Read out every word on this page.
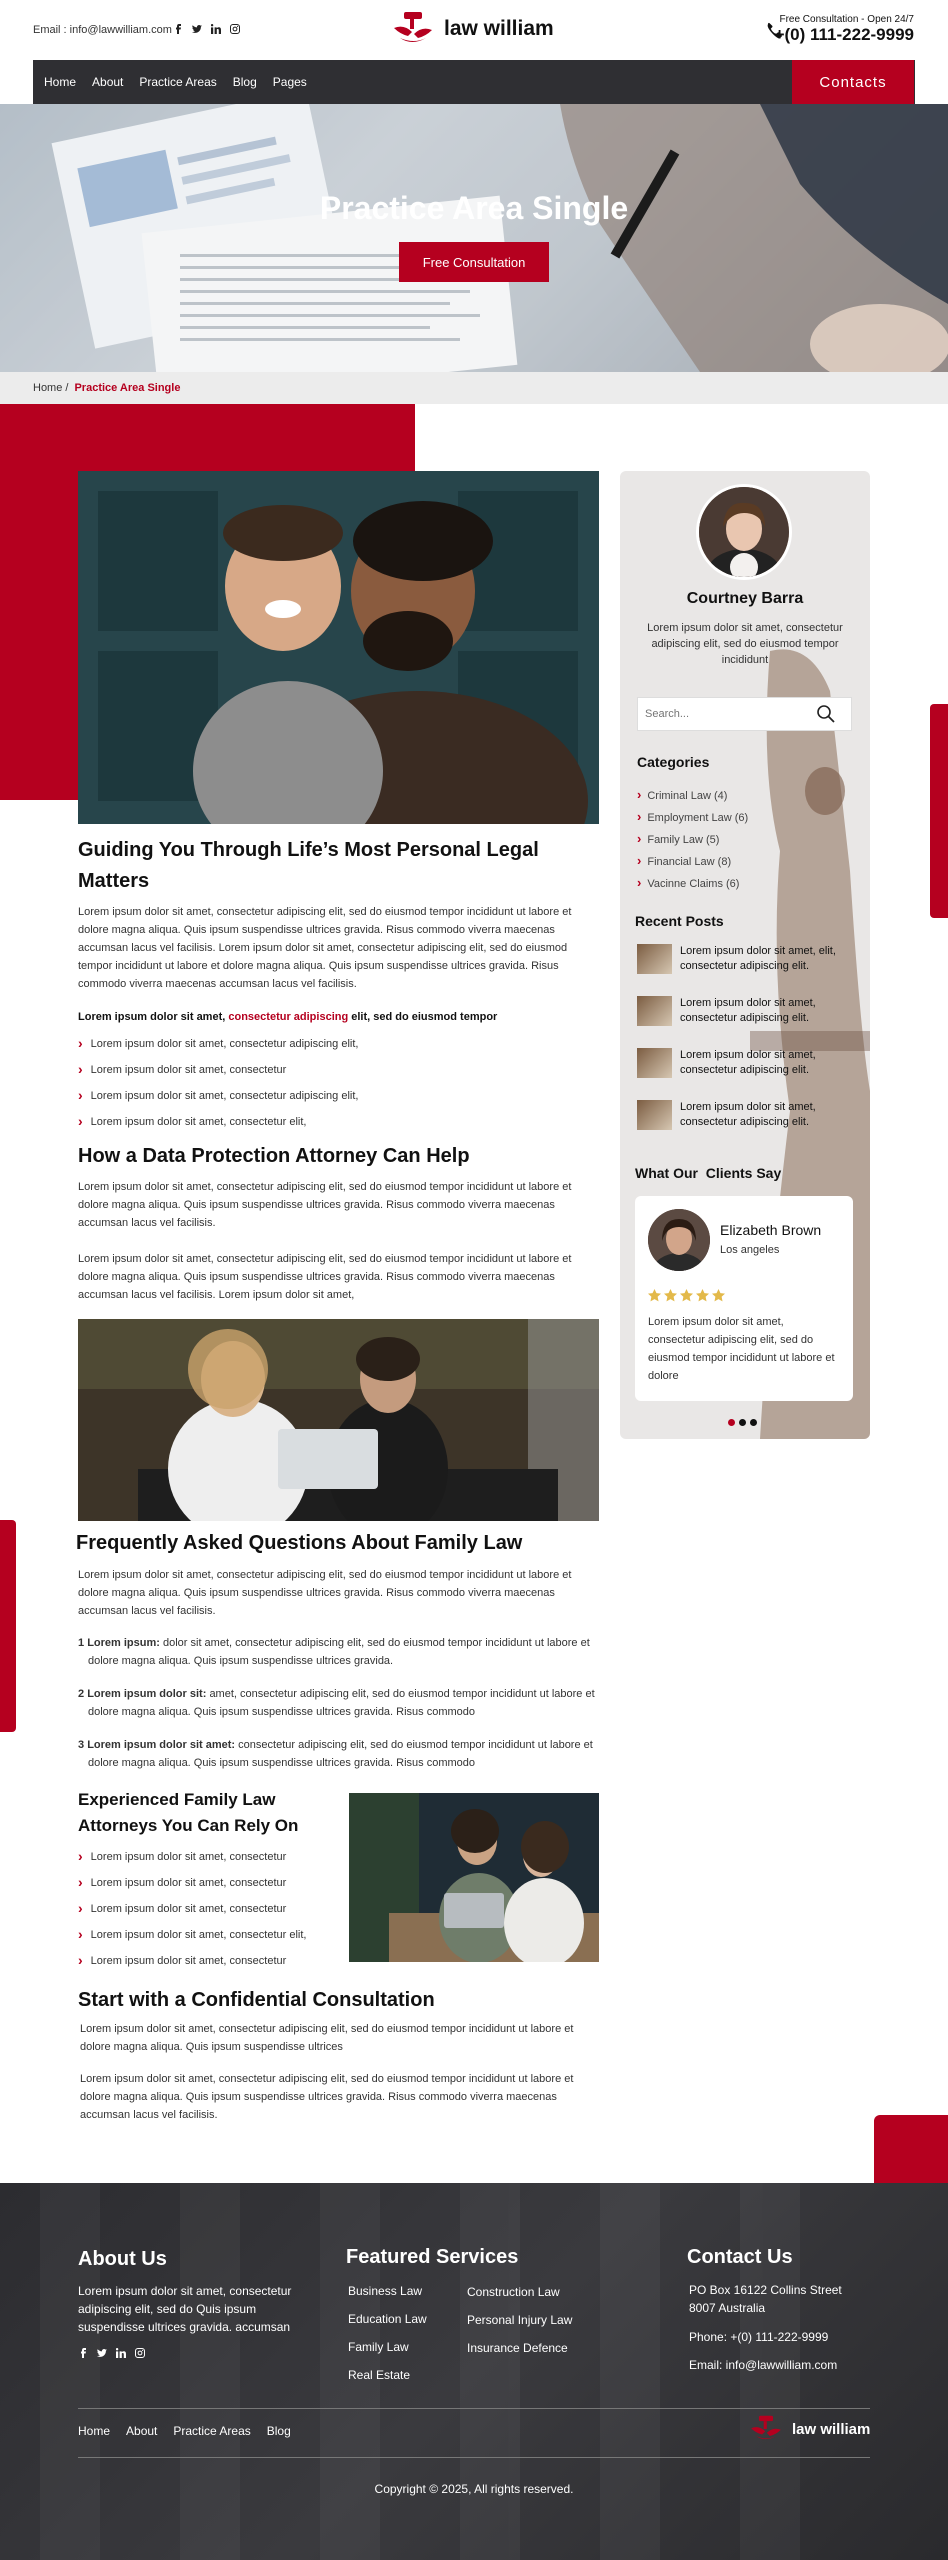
Email : info@lawwilliam.com	law william	Free Consultation - Open 24/7
+(0) 111-222-9999
Home About Practice Areas Blog Pages	Contacts
Practice Area Single
Free Consultation
Home / Practice Area Single
Guiding You Through Life’s Most Personal Legal Matters

Lorem ipsum dolor sit amet, consectetur adipiscing elit, sed do eiusmod tempor incididunt ut labore et dolore magna aliqua. Quis ipsum suspendisse ultrices gravida. Risus commodo viverra maecenas accumsan lacus vel facilisis. Lorem ipsum dolor sit amet, consectetur adipiscing elit, sed do eiusmod tempor incididunt ut labore et dolore magna aliqua. Quis ipsum suspendisse ultrices gravida. Risus commodo viverra maecenas accumsan lacus vel facilisis.

Lorem ipsum dolor sit amet, consectetur adipiscing elit, sed do eiusmod tempor

› Lorem ipsum dolor sit amet, consectetur adipiscing elit,
› Lorem ipsum dolor sit amet, consectetur
› Lorem ipsum dolor sit amet, consectetur adipiscing elit,
› Lorem ipsum dolor sit amet, consectetur elit,
How a Data Protection Attorney Can Help

Lorem ipsum dolor sit amet, consectetur adipiscing elit, sed do eiusmod tempor incididunt ut labore et dolore magna aliqua. Quis ipsum suspendisse ultrices gravida. Risus commodo viverra maecenas accumsan lacus vel facilisis.

Lorem ipsum dolor sit amet, consectetur adipiscing elit, sed do eiusmod tempor incididunt ut labore et dolore magna aliqua. Quis ipsum suspendisse ultrices gravida. Risus commodo viverra maecenas accumsan lacus vel facilisis. Lorem ipsum dolor sit amet,

Frequently Asked Questions About Family Law

Lorem ipsum dolor sit amet, consectetur adipiscing elit, sed do eiusmod tempor incididunt ut labore et dolore magna aliqua. Quis ipsum suspendisse ultrices gravida. Risus commodo viverra maecenas accumsan lacus vel facilisis.

1 Lorem ipsum: dolor sit amet, consectetur adipiscing elit, sed do eiusmod tempor incididunt ut labore et dolore magna aliqua. Quis ipsum suspendisse ultrices gravida.

2 Lorem ipsum dolor sit: amet, consectetur adipiscing elit, sed do eiusmod tempor incididunt ut labore et dolore magna aliqua. Quis ipsum suspendisse ultrices gravida. Risus commodo

3 Lorem ipsum dolor sit amet: consectetur adipiscing elit, sed do eiusmod tempor incididunt ut labore et dolore magna aliqua. Quis ipsum suspendisse ultrices gravida. Risus commodo

Experienced Family Law Attorneys You Can Rely On
› Lorem ipsum dolor sit amet, consectetur
› Lorem ipsum dolor sit amet, consectetur
› Lorem ipsum dolor sit amet, consectetur
› Lorem ipsum dolor sit amet, consectetur elit,
› Lorem ipsum dolor sit amet, consectetur
Start with a Confidential Consultation

Lorem ipsum dolor sit amet, consectetur adipiscing elit, sed do eiusmod tempor incididunt ut labore et dolore magna aliqua. Quis ipsum suspendisse ultrices

Lorem ipsum dolor sit amet, consectetur adipiscing elit, sed do eiusmod tempor incididunt ut labore et dolore magna aliqua. Quis ipsum suspendisse ultrices gravida. Risus commodo viverra maecenas accumsan lacus vel facilisis.

Courtney Barra
Lorem ipsum dolor sit amet, consectetur adipiscing elit, sed do eiusmod tempor incididunt
Search...
Categories
› Criminal Law (4)
› Employment Law (6)
› Family Law (5)
› Financial Law (8)
› Vacinne Claims (6)
Recent Posts
Lorem ipsum dolor sit amet, elit, consectetur adipiscing elit.
Lorem ipsum dolor sit amet, consectetur adipiscing elit.
Lorem ipsum dolor sit amet, consectetur adipiscing elit.
Lorem ipsum dolor sit amet, consectetur adipiscing elit.
What Our  Clients Say
Elizabeth Brown
Los angeles
Lorem ipsum dolor sit amet, consectetur adipiscing elit, sed do eiusmod tempor incididunt ut labore et dolore
About Us
Lorem ipsum dolor sit amet, consectetur adipiscing elit, sed do Quis ipsum suspendisse ultrices gravida. accumsan
Featured Services
Business Law
Education Law
Family Law
Real Estate
Construction Law
Personal Injury Law
Insurance Defence
Contact Us
PO Box 16122 Collins Street 8007 Australia
Phone: +(0) 111-222-9999
Email: info@lawwilliam.com
Home About Practice Areas Blog	law william
Copyright © 2025, All rights reserved.
